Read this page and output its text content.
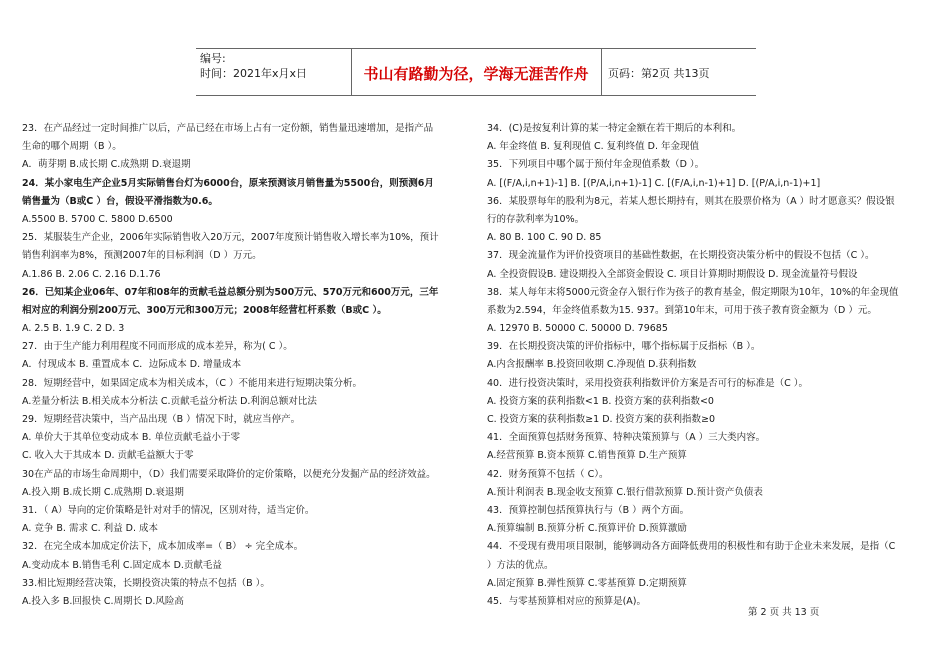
编号:
时间：2021年x月x日	书山有路勤为径，学海无涯苦作舟	页码：第2页 共13页
23．在产品经过一定时间推广以后，产品已经在市场上占有一定份额，销售量迅速增加，是指产品
生命的哪个周期（B ）。
A．萌芽期 B.成长期 C.成熟期 D.衰退期
24．某小家电生产企业5月实际销售台灯为6000台，原来预测该月销售量为5500台，则预测6月
销售量为（B或C ）台，假设平滑指数为0.6。
A.5500 B. 5700 C. 5800 D.6500
25．某服装生产企业，2006年实际销售收入20万元，2007年度预计销售收入增长率为10%，预计
销售利润率为8%，预测2007年的目标利润（D ）万元。
A.1.86 B. 2.06 C. 2.16 D.1.76
26．已知某企业06年、07年和08年的贡献毛益总额分别为500万元、570万元和600万元，三年
相对应的利润分别200万元、300万元和300万元；2008年经营杠杆系数（B或C ）。
A. 2.5 B. 1.9 C. 2 D. 3
27．由于生产能力利用程度不同而形成的成本差异，称为( C ）。
A．付现成本 B. 重置成本 C．边际成本 D. 增量成本
28．短期经营中，如果固定成本为相关成本，（C ）不能用来进行短期决策分析。
A.差量分析法 B.相关成本分析法 C.贡献毛益分析法 D.利润总额对比法
29．短期经营决策中，当产品出现（B ）情况下时，就应当停产。
A. 单价大于其单位变动成本 B. 单位贡献毛益小于零
C. 收入大于其成本 D. 贡献毛益额大于零
30在产品的市场生命周期中，（D）我们需要采取降价的定价策略，以便充分发掘产品的经济效益。
A.投入期 B.成长期 C.成熟期 D.衰退期
31．（ A）导向的定价策略是针对对手的情况，区别对待，适当定价。
A. 竞争 B. 需求 C. 利益 D. 成本
32．在完全成本加成定价法下，成本加成率=（ B） ÷ 完全成本。
A.变动成本 B.销售毛利 C.固定成本 D.贡献毛益
33.相比短期经营决策，长期投资决策的特点不包括（B ）。
A.投入多 B.回报快 C.周期长 D.风险高
34．(C)是按复利计算的某一特定金额在若干期后的本利和。
A. 年金终值 B. 复利现值 C. 复利终值 D. 年金现值
35．下列项目中哪个属于预付年金现值系数（D ）。
A. [(F/A,i,n+1)-1] B. [(P/A,i,n+1)-1] C. [(F/A,i,n-1)+1] D. [(P/A,i,n-1)+1]
36．某股票每年的股利为8元，若某人想长期持有，则其在股票价格为（A ）时才愿意买？假设银
行的存款利率为10%。
A. 80 B. 100 C. 90 D. 85
37．现金流量作为评价投资项目的基础性数据，在长期投资决策分析中的假设不包括（C ）。
A. 全投资假设B. 建设期投入全部资金假设 C. 项目计算期时期假设 D. 现金流量符号假设
38．某人每年末将5000元资金存入银行作为孩子的教育基金，假定期限为10年，10%的年金现值
系数为2.594，年金终值系数为15. 937。到第10年末，可用于孩子教育资金额为（D ）元。
A. 12970 B. 50000 C. 50000 D. 79685
39．在长期投资决策的评价指标中，哪个指标属于反指标（B ）。
A.内含报酬率 B.投资回收期 C.净现值 D.获利指数
40．进行投资决策时，采用投资获利指数评价方案是否可行的标准是（C ）。
A. 投资方案的获利指数<1 B. 投资方案的获利指数<0
C. 投资方案的获利指数≥1 D. 投资方案的获利指数≥0
41．全面预算包括财务预算、特种决策预算与（A ）三大类内容。
A.经营预算 B.资本预算 C.销售预算 D.生产预算
42．财务预算不包括（ C）。
A.预计利润表 B.现金收支预算 C.银行借款预算 D.预计资产负债表
43．预算控制包括预算执行与（B ）两个方面。
A.预算编制 B.预算分析 C.预算评价 D.预算激励
44．不受现有费用项目限制，能够调动各方面降低费用的积极性和有助于企业未来发展，是指（C
）方法的优点。
A.固定预算 B.弹性预算 C.零基预算 D.定期预算
45．与零基预算相对应的预算是(A)。
第 2 页 共 13 页
